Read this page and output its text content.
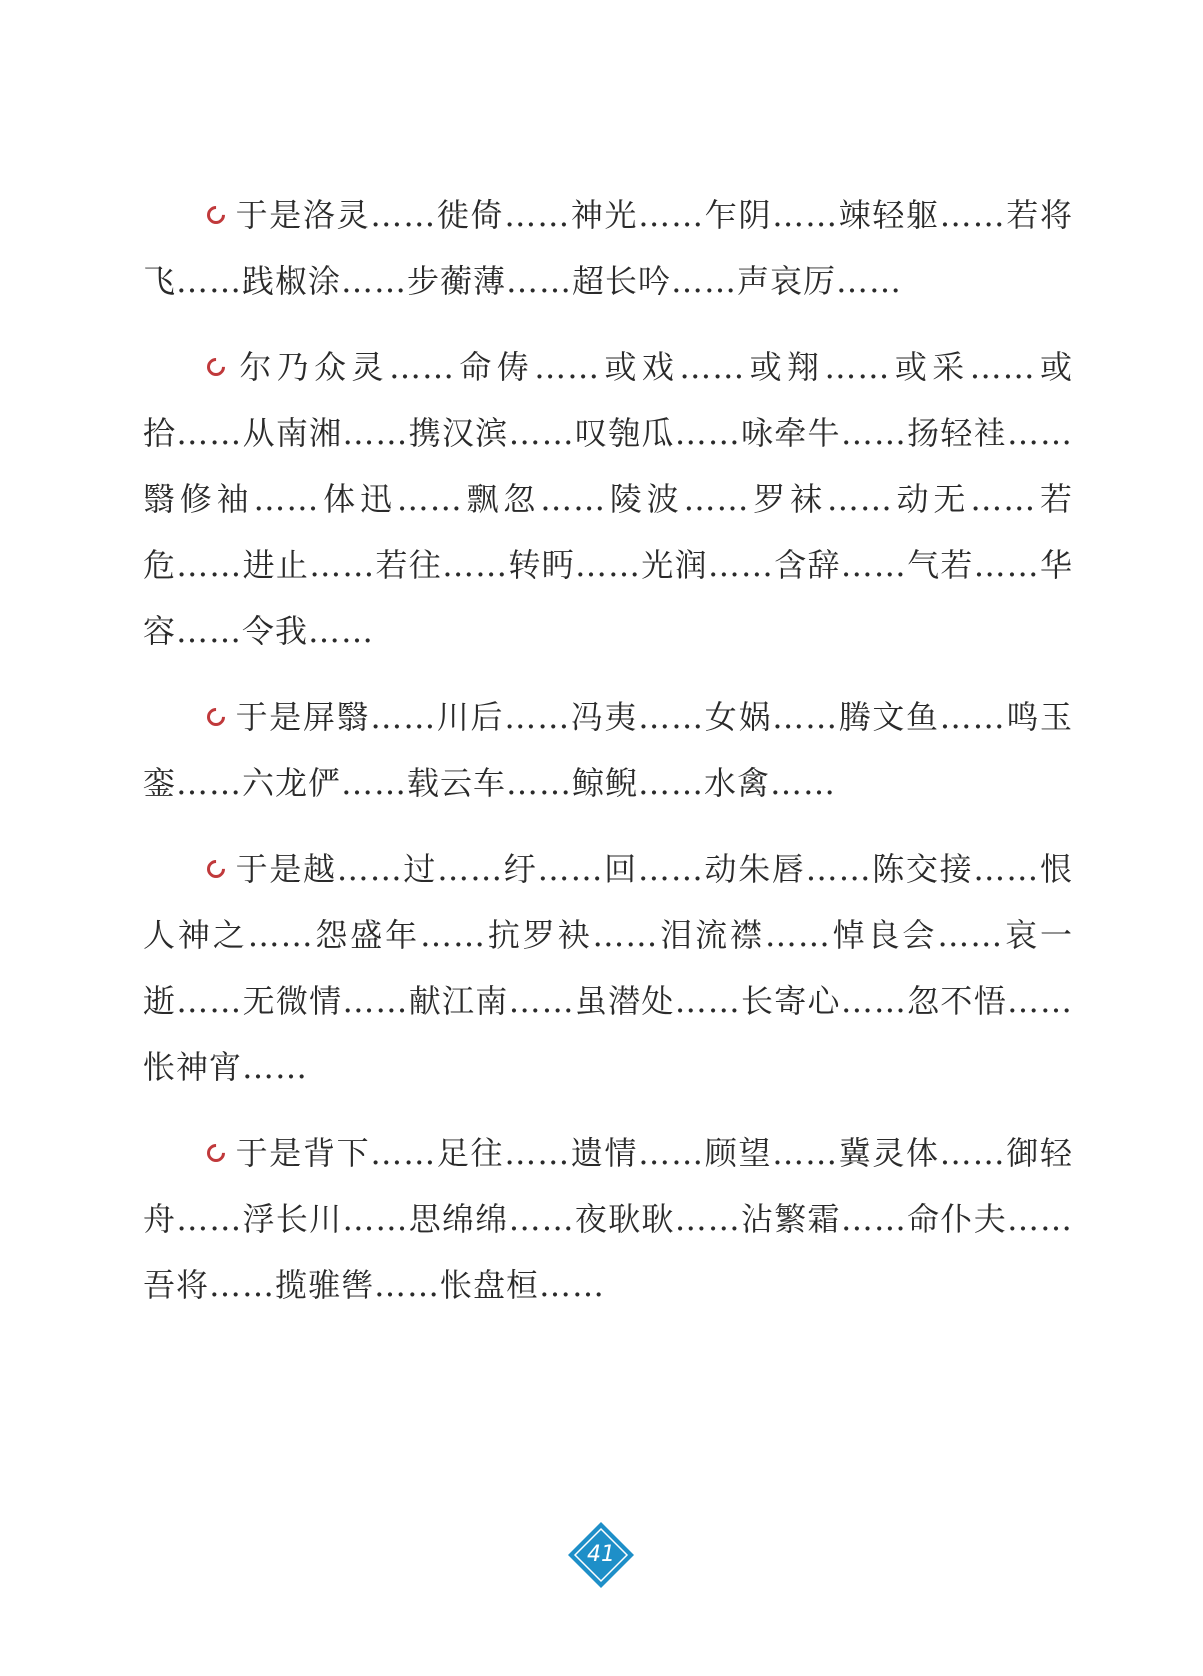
于是洛灵……徙倚……神光……乍阴……竦轻躯……若将飞……践椒涂……步蘅薄……超长吟……声哀厉……

尔乃众灵……命俦……或戏……或翔……或采……或拾……从南湘……携汉滨……叹匏瓜……咏牵牛……扬轻袿……翳修袖……体迅……飘忽……陵波……罗袜……动无……若危……进止……若往……转眄……光润……含辞……气若……华容……令我……

于是屏翳……川后……冯夷……女娲……腾文鱼……鸣玉銮……六龙俨……载云车……鲸鲵……水禽……

于是越……过……纡……回……动朱唇……陈交接……恨人神之……怨盛年……抗罗袂……泪流襟……悼良会……哀一逝……无微情……献江南……虽潜处……长寄心……忽不悟……怅神宵……

于是背下……足往……遗情……顾望……冀灵体……御轻舟……浮长川……思绵绵……夜耿耿……沾繁霜……命仆夫……吾将……揽骓辔……怅盘桓……

41
